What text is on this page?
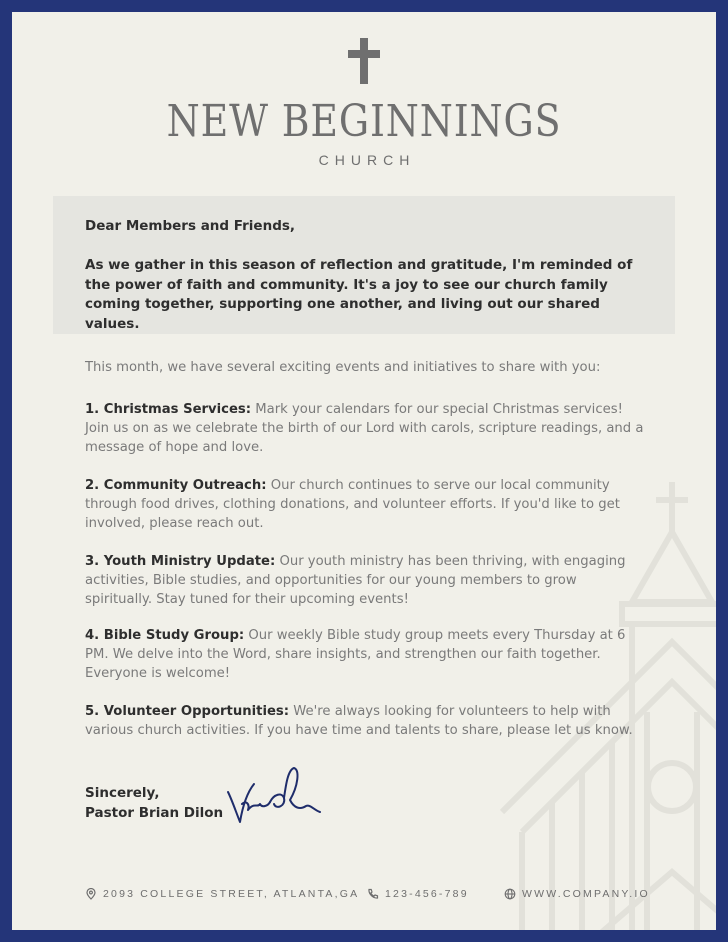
NEW BEGINNINGS
CHURCH
Dear Members and Friends,
As we gather in this season of reflection and gratitude, I'm reminded of the power of faith and community. It's a joy to see our church family coming together, supporting one another, and living out our shared values.
This month, we have several exciting events and initiatives to share with you:
1. Christmas Services: Mark your calendars for our special Christmas services! Join us on as we celebrate the birth of our Lord with carols, scripture readings, and a message of hope and love.
2. Community Outreach: Our church continues to serve our local community through food drives, clothing donations, and volunteer efforts. If you'd like to get involved, please reach out.
3. Youth Ministry Update: Our youth ministry has been thriving, with engaging activities, Bible studies, and opportunities for our young members to grow spiritually. Stay tuned for their upcoming events!
4. Bible Study Group: Our weekly Bible study group meets every Thursday at 6 PM. We delve into the Word, share insights, and strengthen our faith together. Everyone is welcome!
5. Volunteer Opportunities: We're always looking for volunteers to help with various church activities. If you have time and talents to share, please let us know.
Sincerely,
Pastor Brian Dilon
2093 COLLEGE STREET, ATLANTA,GA 123-456-789	WWW.COMPANY.IO
